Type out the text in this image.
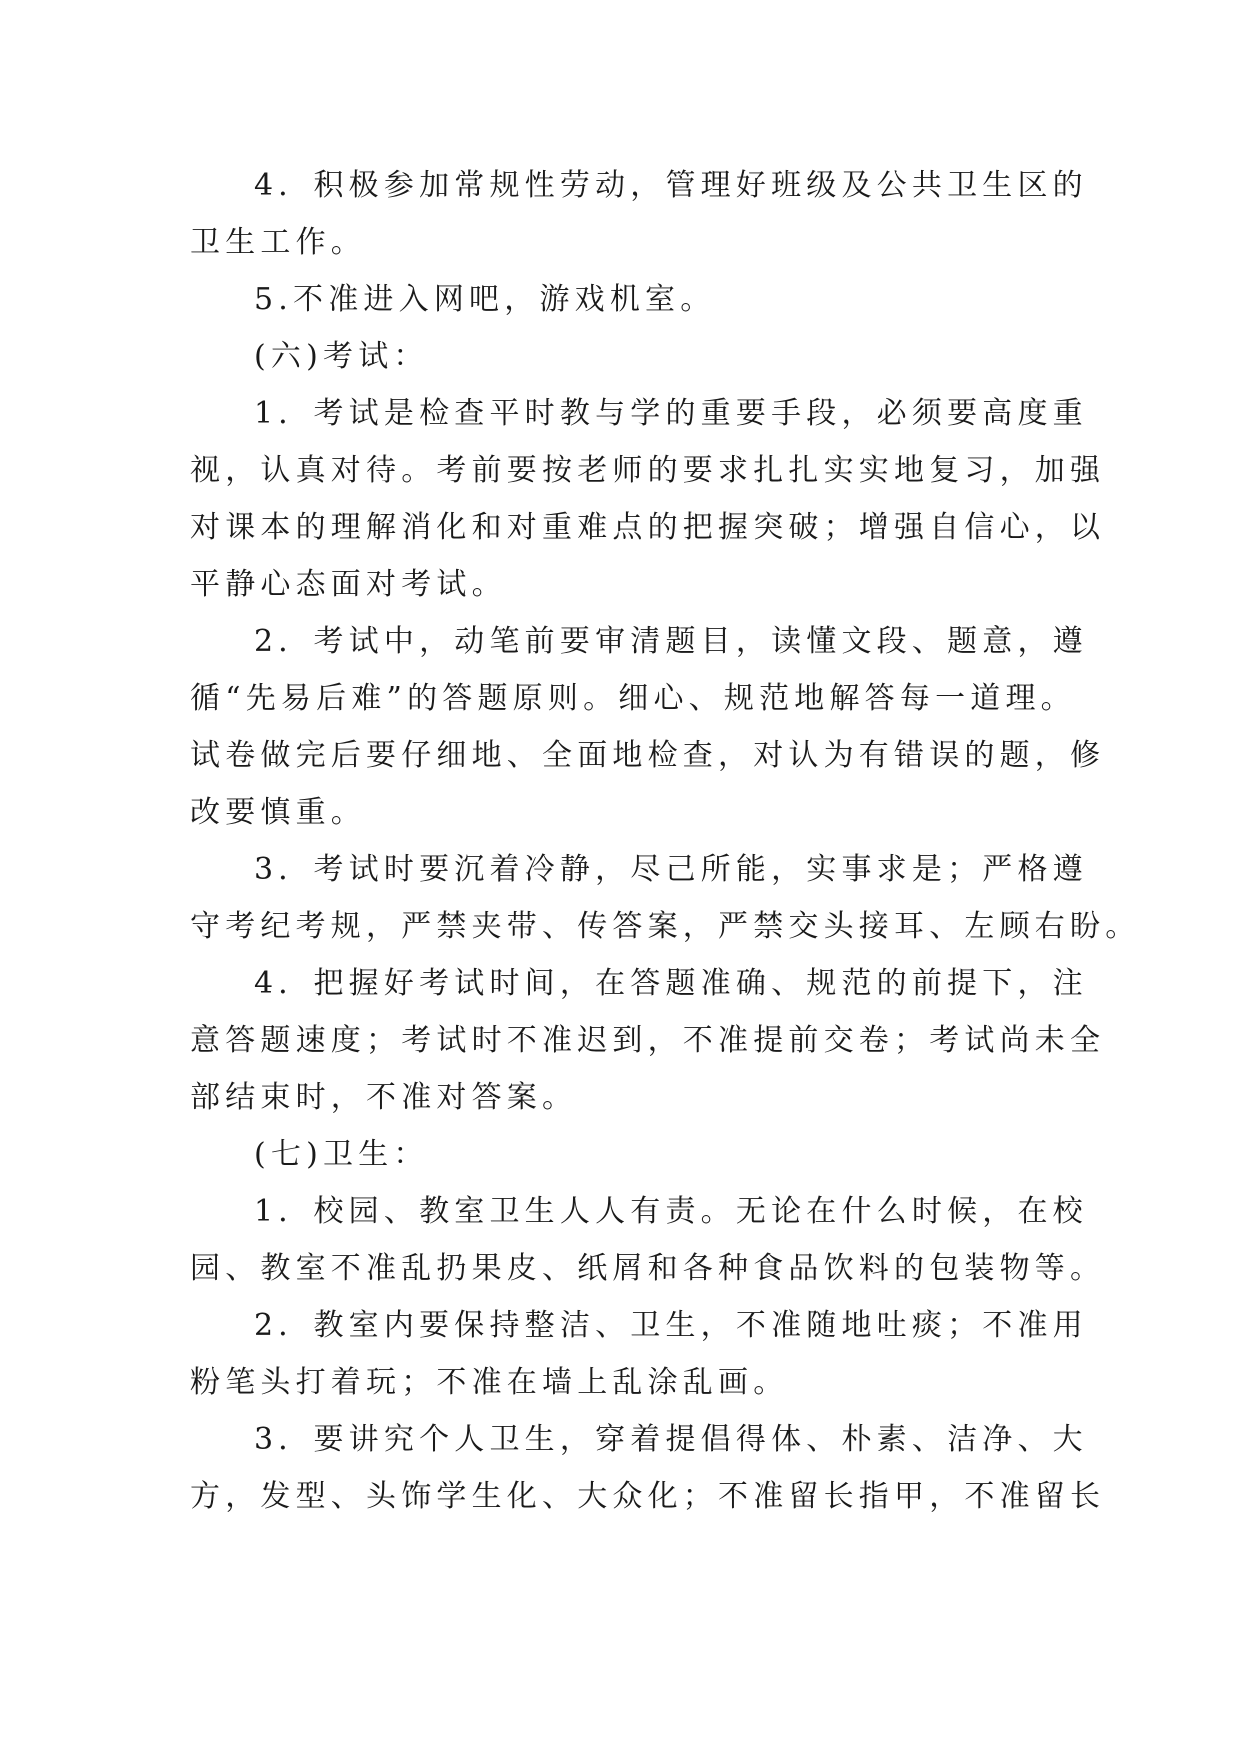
4．积极参加常规性劳动，管理好班级及公共卫生区的
卫生工作。
5.不准进入网吧，游戏机室。
(六)考试：
1．考试是检查平时教与学的重要手段，必须要高度重
视，认真对待。考前要按老师的要求扎扎实实地复习，加强
对课本的理解消化和对重难点的把握突破；增强自信心，以
平静心态面对考试。
2．考试中，动笔前要审清题目，读懂文段、题意，遵
循“先易后难”的答题原则。细心、规范地解答每一道理。
试卷做完后要仔细地、全面地检查，对认为有错误的题，修
改要慎重。
3．考试时要沉着冷静，尽己所能，实事求是；严格遵
守考纪考规，严禁夹带、传答案，严禁交头接耳、左顾右盼。
4．把握好考试时间，在答题准确、规范的前提下，注
意答题速度；考试时不准迟到，不准提前交卷；考试尚未全
部结束时，不准对答案。
(七)卫生：
1．校园、教室卫生人人有责。无论在什么时候，在校
园、教室不准乱扔果皮、纸屑和各种食品饮料的包装物等。
2．教室内要保持整洁、卫生，不准随地吐痰；不准用
粉笔头打着玩；不准在墙上乱涂乱画。
3．要讲究个人卫生，穿着提倡得体、朴素、洁净、大
方，发型、头饰学生化、大众化；不准留长指甲，不准留长
